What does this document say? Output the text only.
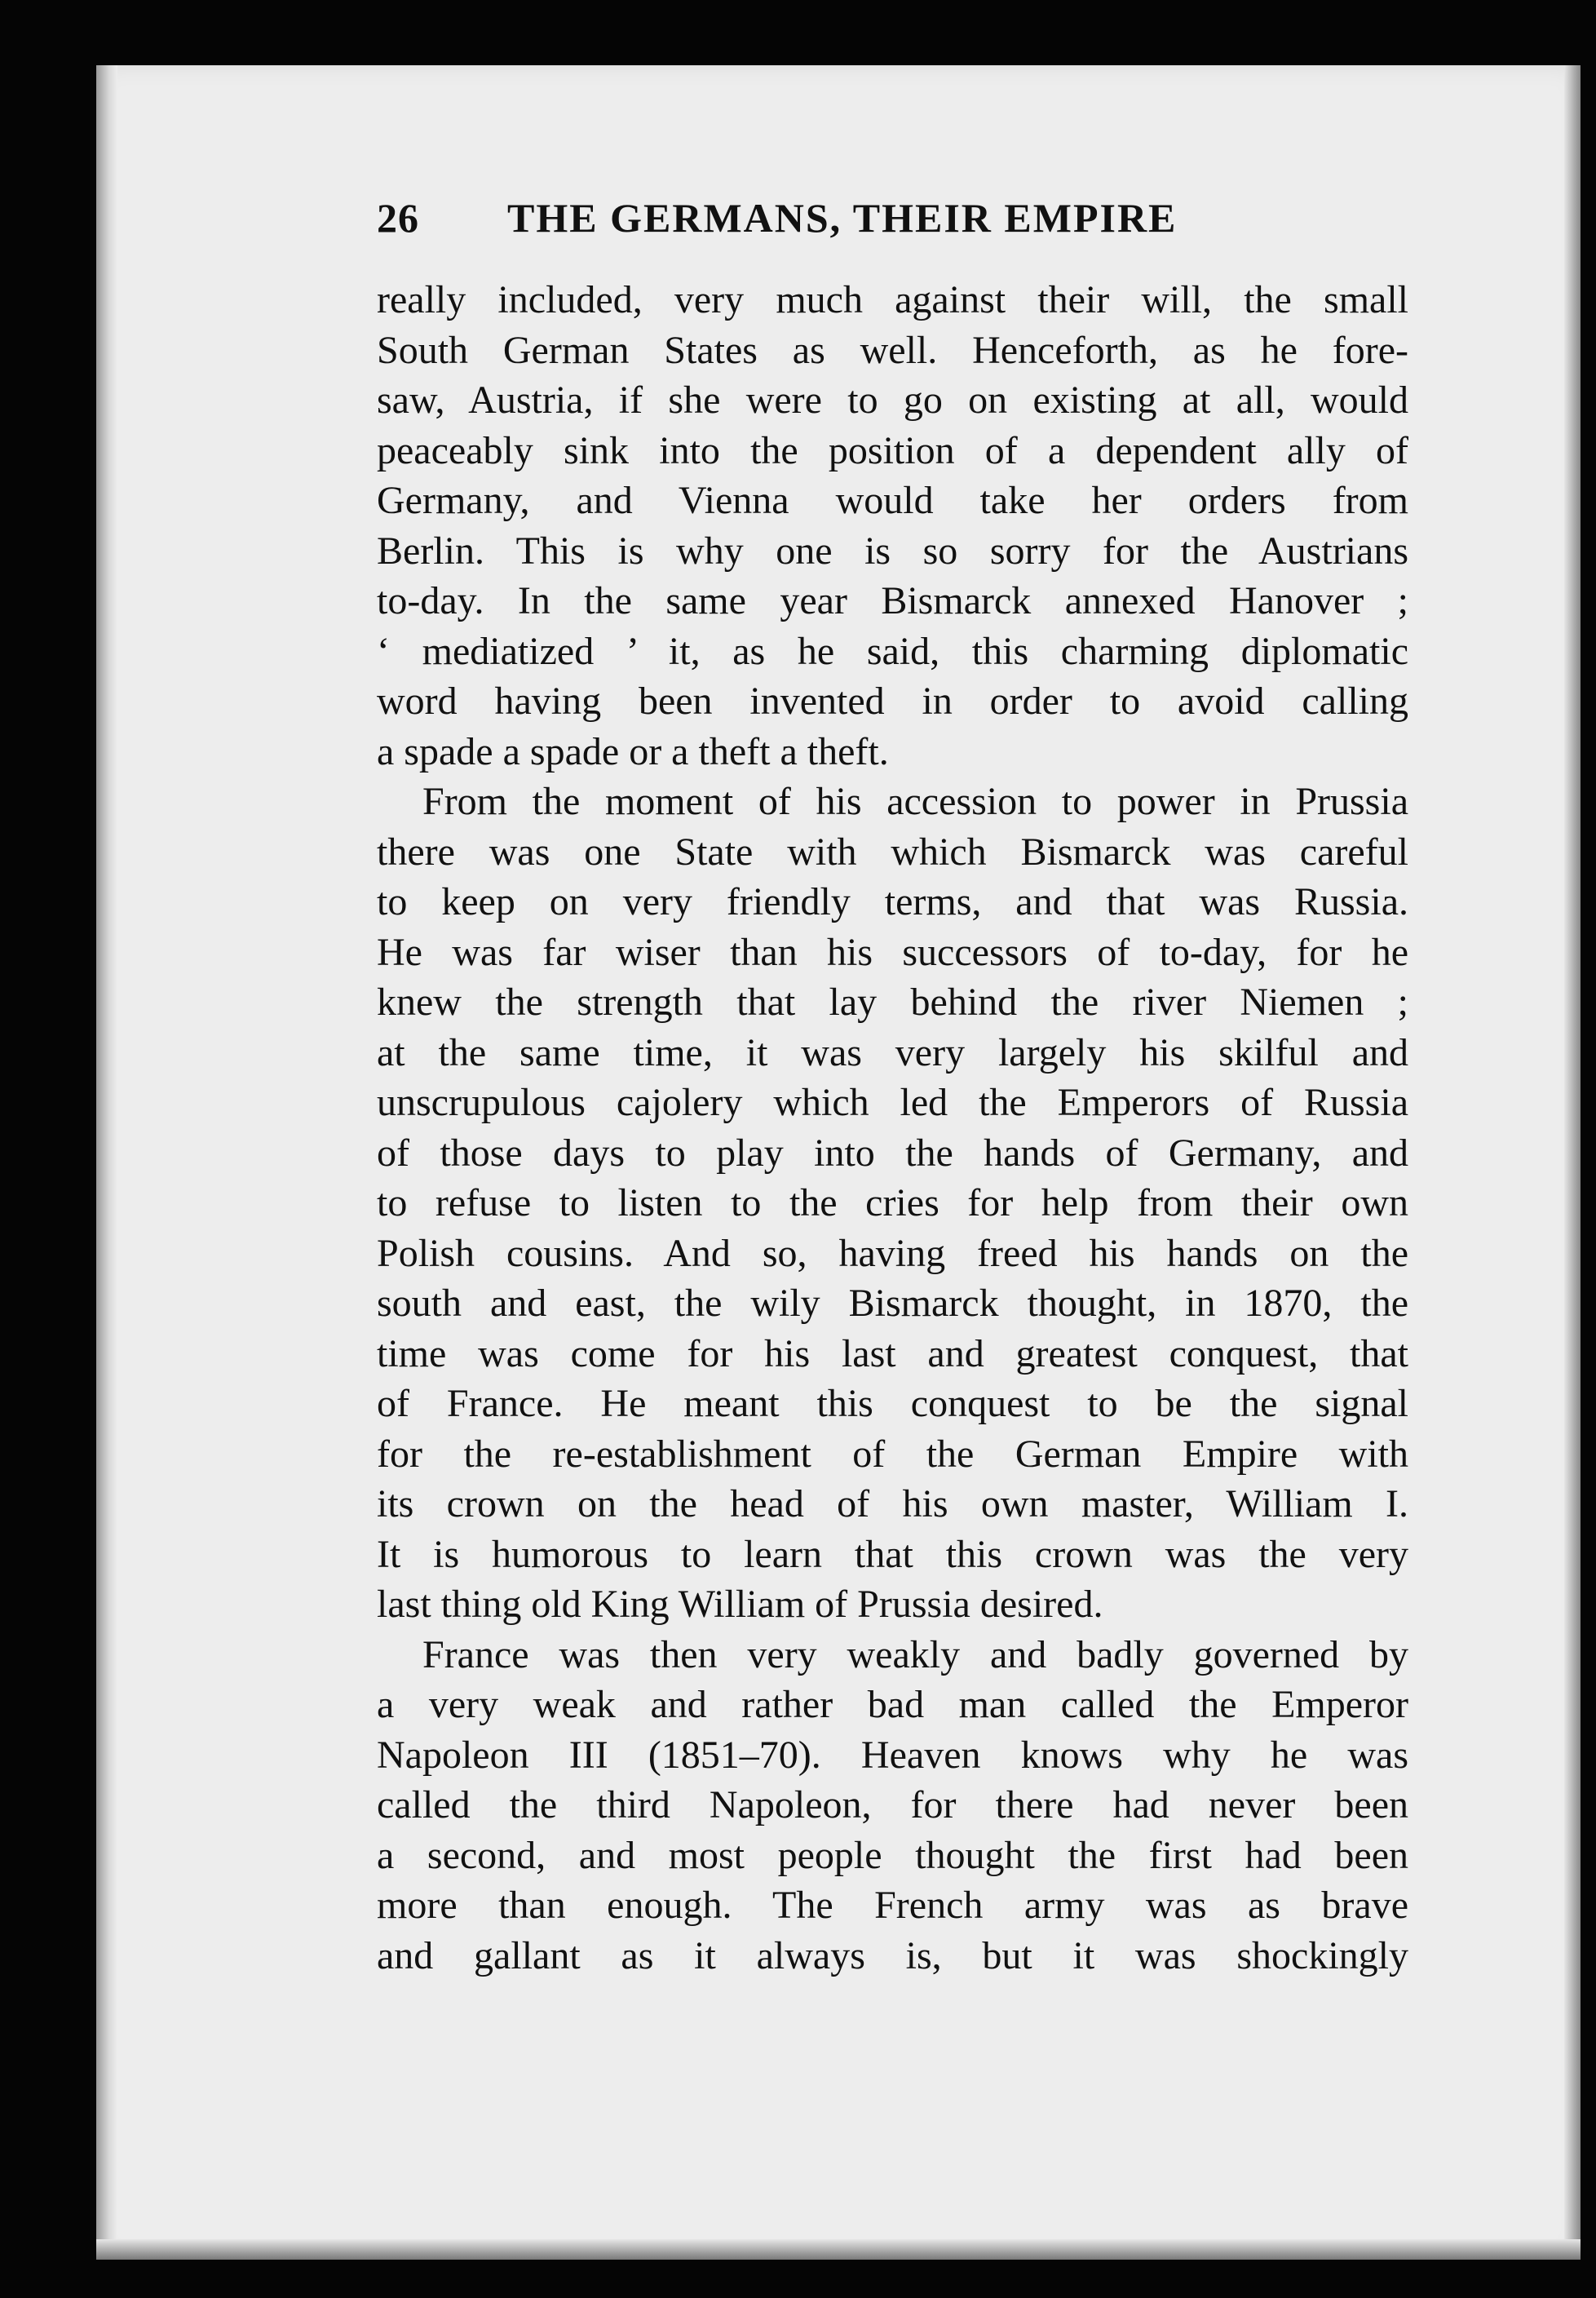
26	THE GERMANS, THEIR EMPIRE
really included, very much against their will, the small
South German States as well. Henceforth, as he fore-
saw, Austria, if she were to go on existing at all, would
peaceably sink into the position of a dependent ally of
Germany, and Vienna would take her orders from
Berlin. This is why one is so sorry for the Austrians
to-day. In the same year Bismarck annexed Hanover ;
‘ mediatized ’ it, as he said, this charming diplomatic
word having been invented in order to avoid calling
a spade a spade or a theft a theft.
From the moment of his accession to power in Prussia
there was one State with which Bismarck was careful
to keep on very friendly terms, and that was Russia.
He was far wiser than his successors of to-day, for he
knew the strength that lay behind the river Niemen ;
at the same time, it was very largely his skilful and
unscrupulous cajolery which led the Emperors of Russia
of those days to play into the hands of Germany, and
to refuse to listen to the cries for help from their own
Polish cousins. And so, having freed his hands on the
south and east, the wily Bismarck thought, in 1870, the
time was come for his last and greatest conquest, that
of France. He meant this conquest to be the signal
for the re-establishment of the German Empire with
its crown on the head of his own master, William I.
It is humorous to learn that this crown was the very
last thing old King William of Prussia desired.
France was then very weakly and badly governed by
a very weak and rather bad man called the Emperor
Napoleon III (1851–70). Heaven knows why he was
called the third Napoleon, for there had never been
a second, and most people thought the first had been
more than enough. The French army was as brave
and gallant as it always is, but it was shockingly
